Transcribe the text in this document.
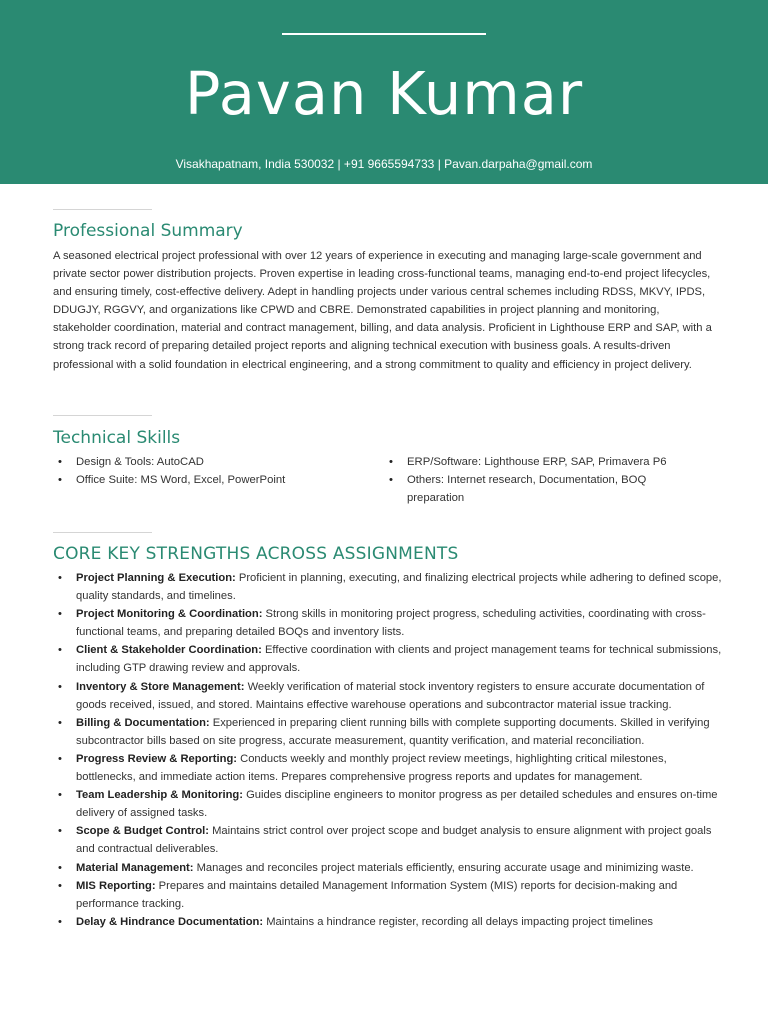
Pavan Kumar
Visakhapatnam, India 530032 | +91 9665594733 | Pavan.darpaha@gmail.com
Professional Summary

A seasoned electrical project professional with over 12 years of experience in executing and managing large-scale government and private sector power distribution projects. Proven expertise in leading cross-functional teams, managing end-to-end project lifecycles, and ensuring timely, cost-effective delivery. Adept in handling projects under various central schemes including RDSS, MKVY, IPDS, DDUGJY, RGGVY, and organizations like CPWD and CBRE. Demonstrated capabilities in project planning and monitoring, stakeholder coordination, material and contract management, billing, and data analysis. Proficient in Lighthouse ERP and SAP, with a strong track record of preparing detailed project reports and aligning technical execution with business goals. A results-driven professional with a solid foundation in electrical engineering, and a strong commitment to quality and efficiency in project delivery.

Technical Skills
• Design & Tools: AutoCAD
• Office Suite: MS Word, Excel, PowerPoint
• ERP/Software: Lighthouse ERP, SAP, Primavera P6
• Others: Internet research, Documentation, BOQ preparation
CORE KEY STRENGTHS ACROSS ASSIGNMENTS
• Project Planning & Execution: Proficient in planning, executing, and finalizing electrical projects while adhering to defined scope, quality standards, and timelines.
• Project Monitoring & Coordination: Strong skills in monitoring project progress, scheduling activities, coordinating with cross-functional teams, and preparing detailed BOQs and inventory lists.
• Client & Stakeholder Coordination: Effective coordination with clients and project management teams for technical submissions, including GTP drawing review and approvals.
• Inventory & Store Management: Weekly verification of material stock inventory registers to ensure accurate documentation of goods received, issued, and stored. Maintains effective warehouse operations and subcontractor material issue tracking.
• Billing & Documentation: Experienced in preparing client running bills with complete supporting documents. Skilled in verifying subcontractor bills based on site progress, accurate measurement, quantity verification, and material reconciliation.
• Progress Review & Reporting: Conducts weekly and monthly project review meetings, highlighting critical milestones, bottlenecks, and immediate action items. Prepares comprehensive progress reports and updates for management.
• Team Leadership & Monitoring: Guides discipline engineers to monitor progress as per detailed schedules and ensures on-time delivery of assigned tasks.
• Scope & Budget Control: Maintains strict control over project scope and budget analysis to ensure alignment with project goals and contractual deliverables.
• Material Management: Manages and reconciles project materials efficiently, ensuring accurate usage and minimizing waste.
• MIS Reporting: Prepares and maintains detailed Management Information System (MIS) reports for decision-making and performance tracking.
• Delay & Hindrance Documentation: Maintains a hindrance register, recording all delays impacting project timelines
